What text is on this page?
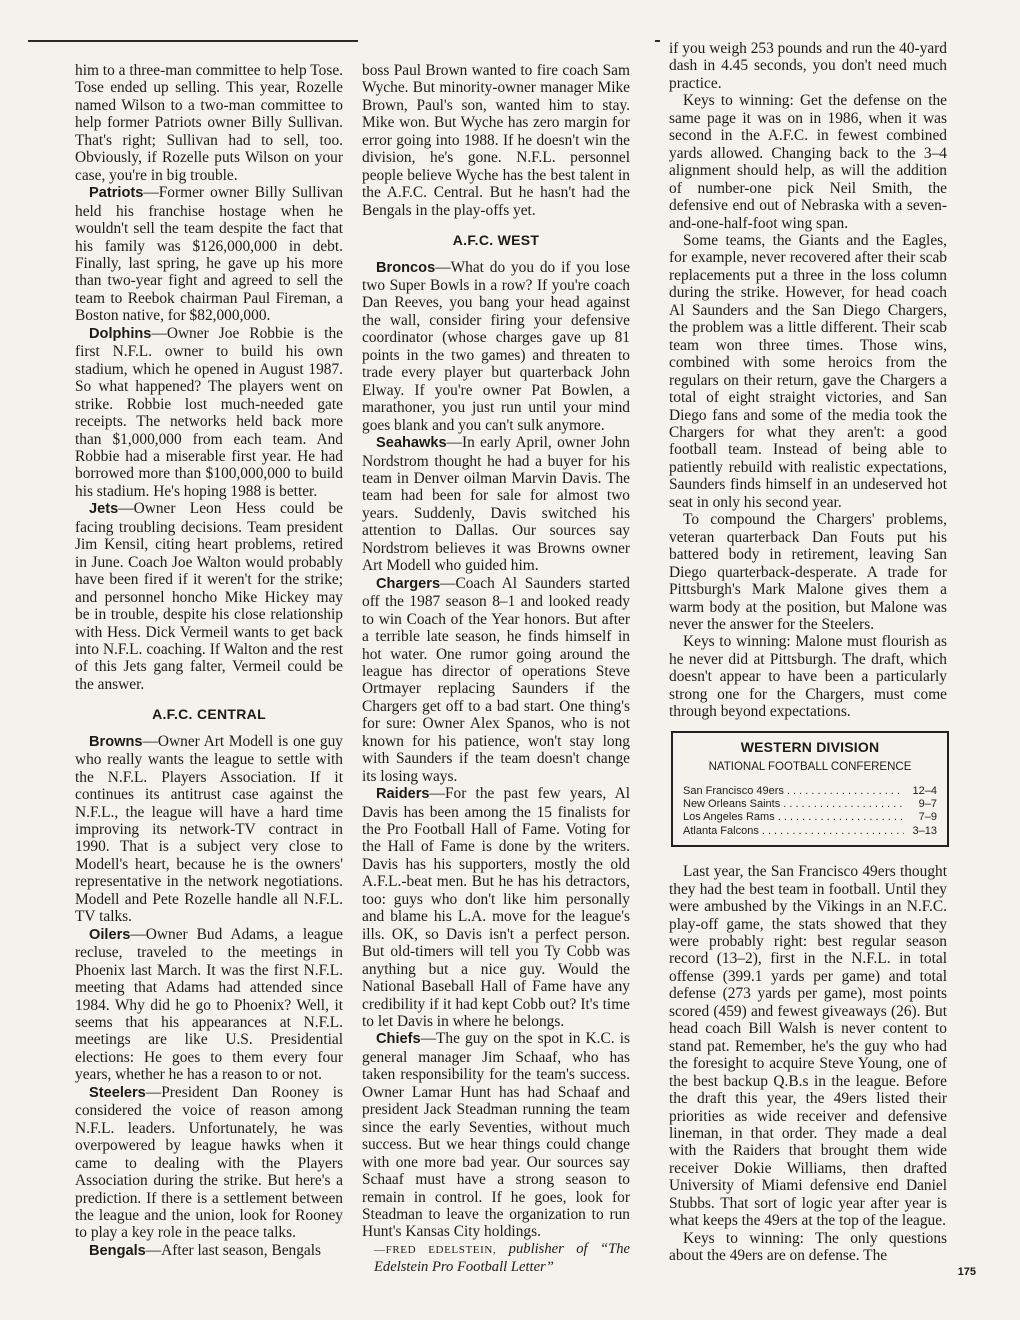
him to a three-man committee to help Tose. Tose ended up selling. This year, Rozelle named Wilson to a two-man committee to help former Patriots owner Billy Sullivan. That's right; Sullivan had to sell, too. Obviously, if Rozelle puts Wilson on your case, you're in big trouble.

Patriots—Former owner Billy Sullivan held his franchise hostage when he wouldn't sell the team despite the fact that his family was $126,000,000 in debt. Finally, last spring, he gave up his more than two-year fight and agreed to sell the team to Reebok chairman Paul Fireman, a Boston native, for $82,000,000.

Dolphins—Owner Joe Robbie is the first N.F.L. owner to build his own stadium, which he opened in August 1987. So what happened? The players went on strike. Robbie lost much-needed gate receipts. The networks held back more than $1,000,000 from each team. And Robbie had a miserable first year. He had borrowed more than $100,000,000 to build his stadium. He's hoping 1988 is better.

Jets—Owner Leon Hess could be facing troubling decisions. Team president Jim Kensil, citing heart problems, retired in June. Coach Joe Walton would probably have been fired if it weren't for the strike; and personnel honcho Mike Hickey may be in trouble, despite his close relationship with Hess. Dick Vermeil wants to get back into N.F.L. coaching. If Walton and the rest of this Jets gang falter, Vermeil could be the answer.

A.F.C. CENTRAL

Browns—Owner Art Modell is one guy who really wants the league to settle with the N.F.L. Players Association. If it continues its antitrust case against the N.F.L., the league will have a hard time improving its network-TV contract in 1990. That is a subject very close to Modell's heart, because he is the owners' representative in the network negotiations. Modell and Pete Rozelle handle all N.F.L. TV talks.

Oilers—Owner Bud Adams, a league recluse, traveled to the meetings in Phoenix last March. It was the first N.F.L. meeting that Adams had attended since 1984. Why did he go to Phoenix? Well, it seems that his appearances at N.F.L. meetings are like U.S. Presidential elections: He goes to them every four years, whether he has a reason to or not.

Steelers—President Dan Rooney is considered the voice of reason among N.F.L. leaders. Unfortunately, he was overpowered by league hawks when it came to dealing with the Players Association during the strike. But here's a prediction. If there is a settlement between the league and the union, look for Rooney to play a key role in the peace talks.

Bengals—After last season, Bengals

boss Paul Brown wanted to fire coach Sam Wyche. But minority-owner manager Mike Brown, Paul's son, wanted him to stay. Mike won. But Wyche has zero margin for error going into 1988. If he doesn't win the division, he's gone. N.F.L. personnel people believe Wyche has the best talent in the A.F.C. Central. But he hasn't had the Bengals in the play-offs yet.

A.F.C. WEST

Broncos—What do you do if you lose two Super Bowls in a row? If you're coach Dan Reeves, you bang your head against the wall, consider firing your defensive coordinator (whose charges gave up 81 points in the two games) and threaten to trade every player but quarterback John Elway. If you're owner Pat Bowlen, a marathoner, you just run until your mind goes blank and you can't sulk anymore.

Seahawks—In early April, owner John Nordstrom thought he had a buyer for his team in Denver oilman Marvin Davis. The team had been for sale for almost two years. Suddenly, Davis switched his attention to Dallas. Our sources say Nordstrom believes it was Browns owner Art Modell who guided him.

Chargers—Coach Al Saunders started off the 1987 season 8–1 and looked ready to win Coach of the Year honors. But after a terrible late season, he finds himself in hot water. One rumor going around the league has director of operations Steve Ortmayer replacing Saunders if the Chargers get off to a bad start. One thing's for sure: Owner Alex Spanos, who is not known for his patience, won't stay long with Saunders if the team doesn't change its losing ways.

Raiders—For the past few years, Al Davis has been among the 15 finalists for the Pro Football Hall of Fame. Voting for the Hall of Fame is done by the writers. Davis has his supporters, mostly the old A.F.L.-beat men. But he has his detractors, too: guys who don't like him personally and blame his L.A. move for the league's ills. OK, so Davis isn't a perfect person. But old-timers will tell you Ty Cobb was anything but a nice guy. Would the National Baseball Hall of Fame have any credibility if it had kept Cobb out? It's time to let Davis in where he belongs.

Chiefs—The guy on the spot in K.C. is general manager Jim Schaaf, who has taken responsibility for the team's success. Owner Lamar Hunt has had Schaaf and president Jack Steadman running the team since the early Seventies, without much success. But we hear things could change with one more bad year. Our sources say Schaaf must have a strong season to remain in control. If he goes, look for Steadman to leave the organization to run Hunt's Kansas City holdings.

—FRED EDELSTEIN, publisher of “The Edelstein Pro Football Letter”

if you weigh 253 pounds and run the 40-yard dash in 4.45 seconds, you don't need much practice.

Keys to winning: Get the defense on the same page it was on in 1986, when it was second in the A.F.C. in fewest combined yards allowed. Changing back to the 3–4 alignment should help, as will the addition of number-one pick Neil Smith, the defensive end out of Nebraska with a seven-and-one-half-foot wing span.

Some teams, the Giants and the Eagles, for example, never recovered after their scab replacements put a three in the loss column during the strike. However, for head coach Al Saunders and the San Diego Chargers, the problem was a little different. Their scab team won three times. Those wins, combined with some heroics from the regulars on their return, gave the Chargers a total of eight straight victories, and San Diego fans and some of the media took the Chargers for what they aren't: a good football team. Instead of being able to patiently rebuild with realistic expectations, Saunders finds himself in an undeserved hot seat in only his second year.

To compound the Chargers' problems, veteran quarterback Dan Fouts put his battered body in retirement, leaving San Diego quarterback-desperate. A trade for Pittsburgh's Mark Malone gives them a warm body at the position, but Malone was never the answer for the Steelers.

Keys to winning: Malone must flourish as he never did at Pittsburgh. The draft, which doesn't appear to have been a particularly strong one for the Chargers, must come through beyond expectations.

WESTERN DIVISION
NATIONAL FOOTBALL CONFERENCE
San Francisco 49ers . . .	12–4
New Orleans Saints . . .	9–7
Los Angeles Rams . . .	7–9
Atlanta Falcons . . .	3–13

Last year, the San Francisco 49ers thought they had the best team in football. Until they were ambushed by the Vikings in an N.F.C. play-off game, the stats showed that they were probably right: best regular season record (13–2), first in the N.F.L. in total offense (399.1 yards per game) and total defense (273 yards per game), most points scored (459) and fewest giveaways (26). But head coach Bill Walsh is never content to stand pat. Remember, he's the guy who had the foresight to acquire Steve Young, one of the best backup Q.B.s in the league. Before the draft this year, the 49ers listed their priorities as wide receiver and defensive lineman, in that order. They made a deal with the Raiders that brought them wide receiver Dokie Williams, then drafted University of Miami defensive end Daniel Stubbs. That sort of logic year after year is what keeps the 49ers at the top of the league.

Keys to winning: The only questions about the 49ers are on defense. The

175
